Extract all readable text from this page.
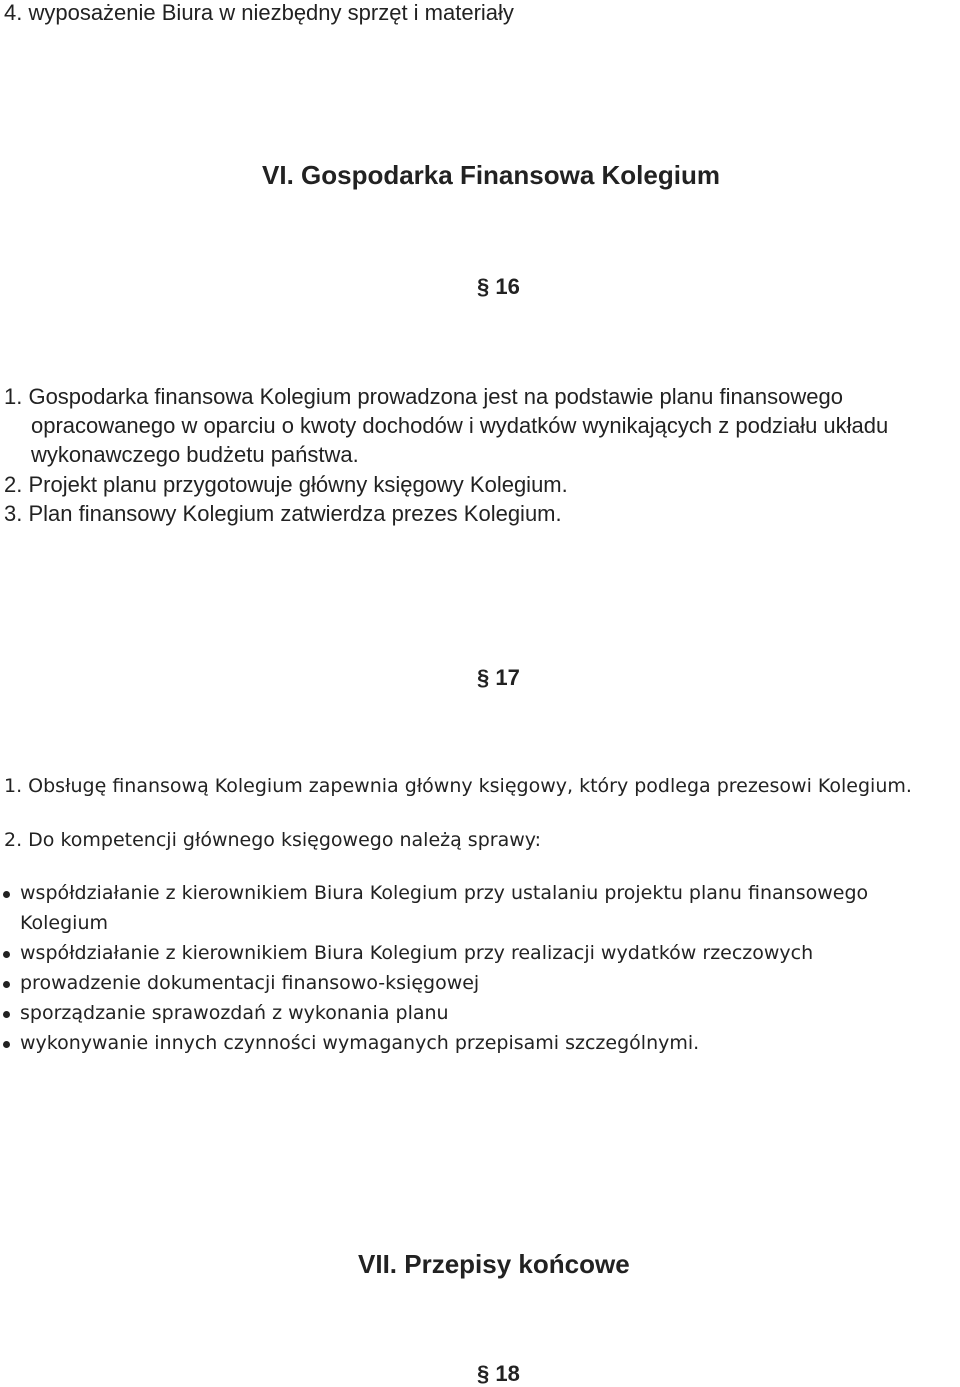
4. wyposażenie Biura w niezbędny sprzęt i materiały
VI. Gospodarka Finansowa Kolegium
§ 16
1. Gospodarka finansowa Kolegium prowadzona jest na podstawie planu finansowego
opracowanego w oparciu o kwoty dochodów i wydatków wynikających z podziału układu
wykonawczego budżetu państwa.
2. Projekt planu przygotowuje główny księgowy Kolegium.
3. Plan finansowy Kolegium zatwierdza prezes Kolegium.
§ 17
1. Obsługę finansową Kolegium zapewnia główny księgowy, który podlega prezesowi Kolegium.
2. Do kompetencji głównego księgowego należą sprawy:
współdziałanie z kierownikiem Biura Kolegium przy ustalaniu projektu planu finansowego
Kolegium
współdziałanie z kierownikiem Biura Kolegium przy realizacji wydatków rzeczowych
prowadzenie dokumentacji finansowo-księgowej
sporządzanie sprawozdań z wykonania planu
wykonywanie innych czynności wymaganych przepisami szczególnymi.
VII. Przepisy końcowe
§ 18
